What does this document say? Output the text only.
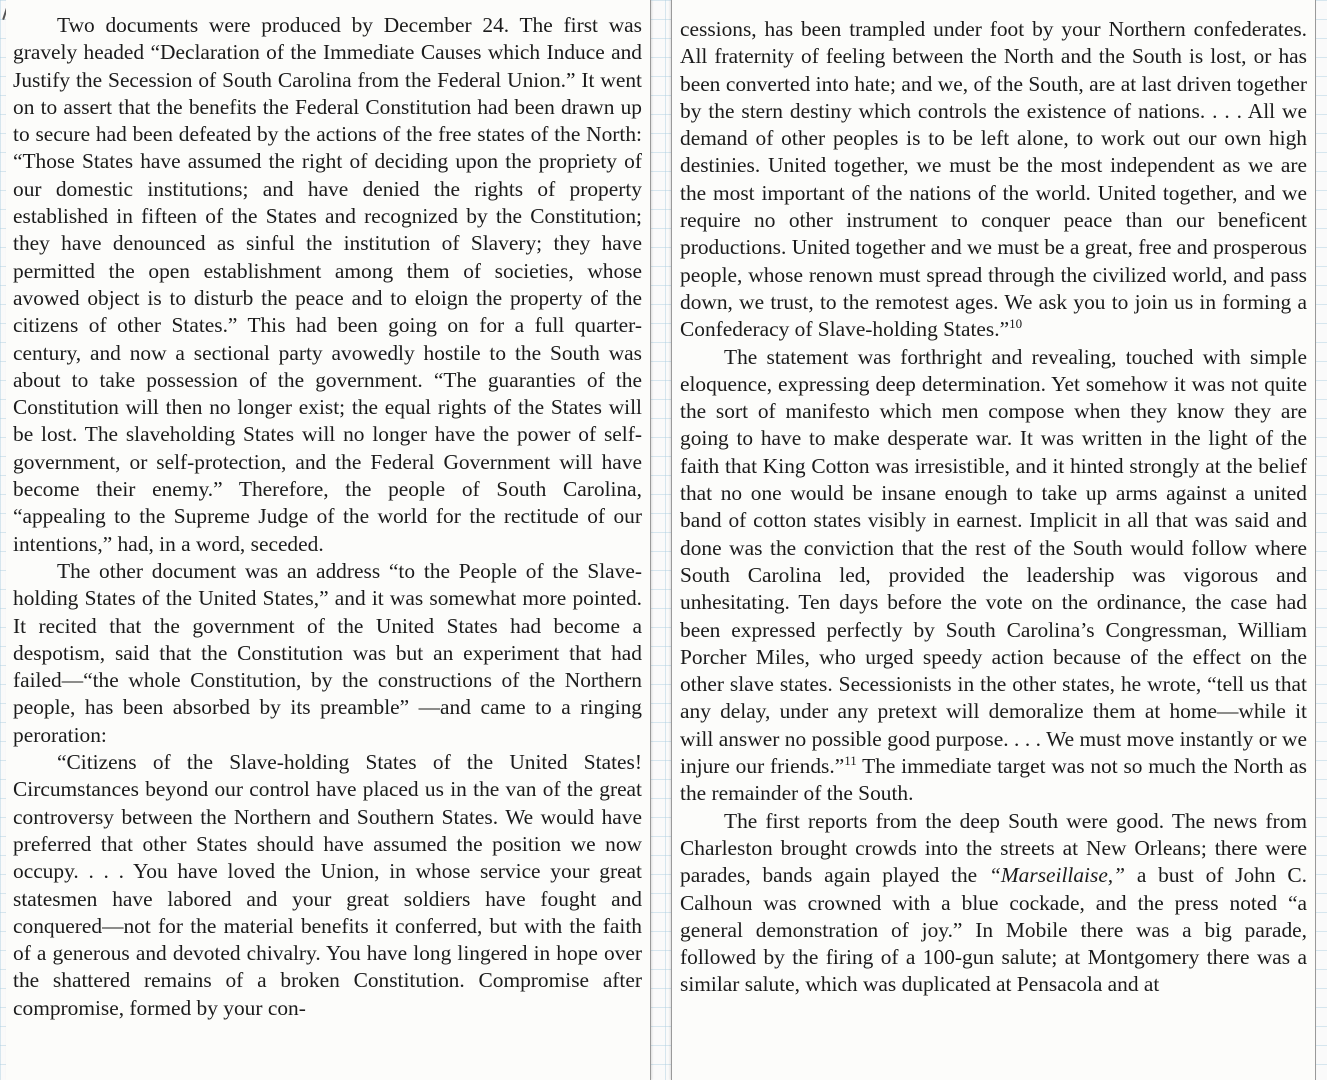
Two documents were produced by December 24. The first was gravely headed “Declaration of the Immediate Causes which Induce and Justify the Secession of South Carolina from the Federal Union.” It went on to assert that the benefits the Federal Constitution had been drawn up to secure had been defeated by the actions of the free states of the North: “Those States have assumed the right of deciding upon the propriety of our domestic institutions; and have denied the rights of property established in fifteen of the States and recognized by the Constitution; they have denounced as sinful the institution of Slavery; they have permitted the open establishment among them of societies, whose avowed object is to disturb the peace and to eloign the property of the citizens of other States.” This had been going on for a full quarter-century, and now a sectional party avowedly hostile to the South was about to take possession of the government. “The guaranties of the Constitution will then no longer exist; the equal rights of the States will be lost. The slaveholding States will no longer have the power of self-government, or self-protection, and the Federal Government will have become their enemy.” Therefore, the people of South Carolina, “appealing to the Supreme Judge of the world for the rectitude of our intentions,” had, in a word, seceded.

The other document was an address “to the People of the Slave-holding States of the United States,” and it was somewhat more pointed. It recited that the government of the United States had become a despotism, said that the Constitution was but an experiment that had failed—“the whole Constitution, by the constructions of the Northern people, has been absorbed by its preamble” —and came to a ringing peroration:

“Citizens of the Slave-holding States of the United States! Circumstances beyond our control have placed us in the van of the great controversy between the Northern and Southern States. We would have preferred that other States should have assumed the position we now occupy. . . . You have loved the Union, in whose service your great statesmen have labored and your great soldiers have fought and conquered—not for the material benefits it conferred, but with the faith of a generous and devoted chivalry. You have long lingered in hope over the shattered remains of a broken Constitution. Compromise after compromise, formed by your con-

cessions, has been trampled under foot by your Northern confederates. All fraternity of feeling between the North and the South is lost, or has been converted into hate; and we, of the South, are at last driven together by the stern destiny which controls the existence of nations. . . . All we demand of other peoples is to be left alone, to work out our own high destinies. United together, we must be the most independent as we are the most important of the nations of the world. United together, and we require no other instrument to conquer peace than our beneficent productions. United together and we must be a great, free and prosperous people, whose renown must spread through the civilized world, and pass down, we trust, to the remotest ages. We ask you to join us in forming a Confederacy of Slave-holding States.”$^{10}$

The statement was forthright and revealing, touched with simple eloquence, expressing deep determination. Yet somehow it was not quite the sort of manifesto which men compose when they know they are going to have to make desperate war. It was written in the light of the faith that King Cotton was irresistible, and it hinted strongly at the belief that no one would be insane enough to take up arms against a united band of cotton states visibly in earnest. Implicit in all that was said and done was the conviction that the rest of the South would follow where South Carolina led, provided the leadership was vigorous and unhesitating. Ten days before the vote on the ordinance, the case had been expressed perfectly by South Carolina’s Congressman, William Porcher Miles, who urged speedy action because of the effect on the other slave states. Secessionists in the other states, he wrote, “tell us that any delay, under any pretext will demoralize them at home—while it will answer no possible good purpose. . . . We must move instantly or we injure our friends.”$^{11}$ The immediate target was not so much the North as the remainder of the South.

The first reports from the deep South were good. The news from Charleston brought crowds into the streets at New Orleans; there were parades, bands again played the “Marseillaise,” a bust of John C. Calhoun was crowned with a blue cockade, and the press noted “a general demonstration of joy.” In Mobile there was a big parade, followed by the firing of a 100-gun salute; at Montgomery there was a similar salute, which was duplicated at Pensacola and at
